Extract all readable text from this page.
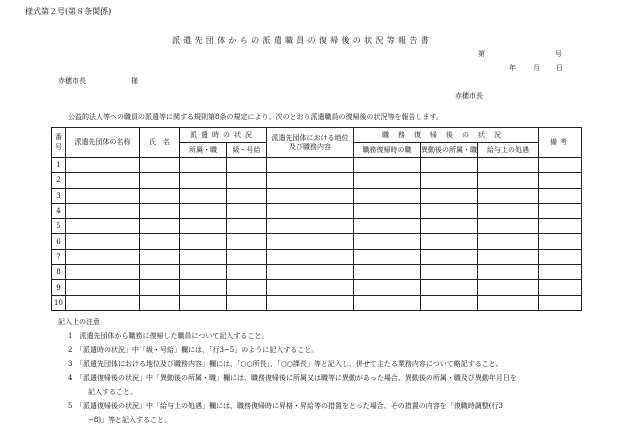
様式第２号(第８条関係)
派遣先団体からの派遣職員の復帰後の状況等報告書
第	号
年 月 日
赤穂市長	様
赤穂市長
公益的法人等への職員の派遣等に関する規則第8条の規定により、次のとおり派遣職員の復帰後の状況等を報告します。
番号	派遣先団体の名称	氏　名	派遣時の状況		派遣先団体における地位及び職務内容	職務復帰後の状況			備考
			所属・職	級・号給		職務復帰時の職	異動後の所属・職	給与上の処遇	
1									
2									
3									
4									
5									
6									
7									
8									
9									
10									
記入上の注意
1　派遣先団体から職務に復帰した職員について記入すること。
2　「派遣時の状況」中「級・号給」欄には、「行3−5」のように記入すること。
3　「派遣先団体における地位及び職務内容」欄には、「○○所長」、「○○課長」等と記入し、併せて主たる業務内容について略記すること。
4　「派遣復帰後の状況」中「異動後の所属・職」欄には、職務復帰後に所属又は職等に異動があった場合、異動後の所属・職及び異動年月日を
記入すること。
5　「派遣復帰後の状況」中「給与上の処遇」欄には、職務復帰時に昇格・昇給等の措置をとった場合、その措置の内容を「復職時調整(行3
−8)」等と記入すること。
